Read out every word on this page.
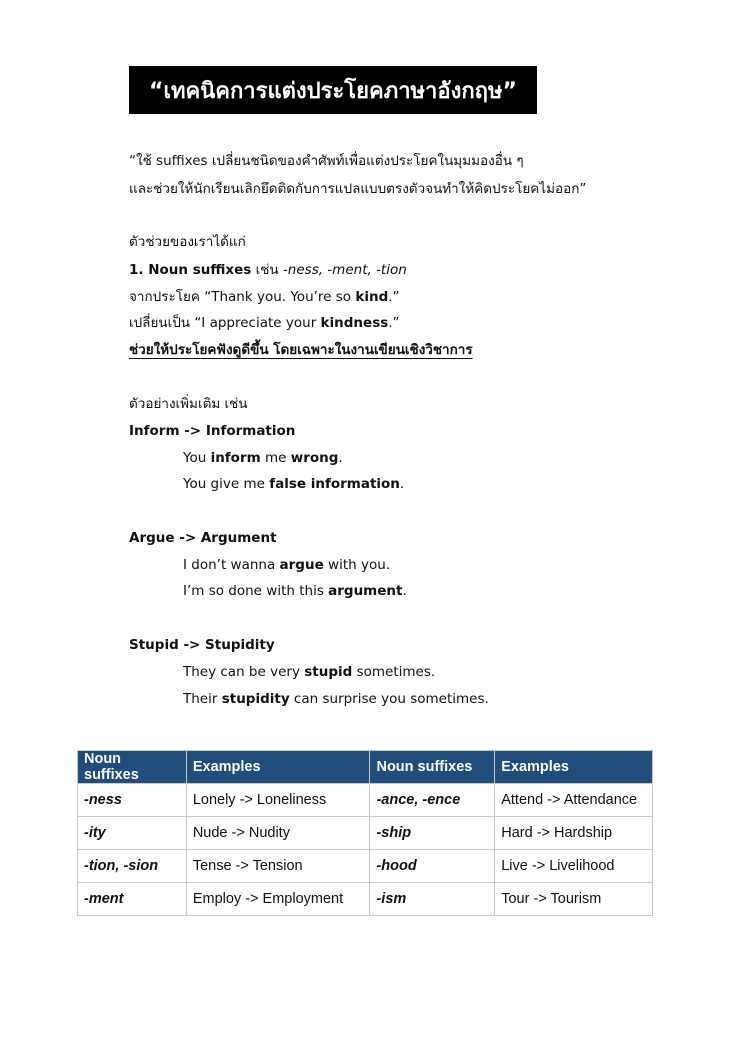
“เทคนิคการแต่งประโยคภาษาอังกฤษ”
“ใช้ suffixes เปลี่ยนชนิดของคำศัพท์เพื่อแต่งประโยคในมุมมองอื่น ๆ
และช่วยให้นักเรียนเลิกยึดติดกับการแปลแบบตรงตัวจนทำให้คิดประโยคไม่ออก”
ตัวช่วยของเราได้แก่
1. Noun suffixes เช่น -ness, -ment, -tion
จากประโยค “Thank you. You’re so kind.”
เปลี่ยนเป็น “I appreciate your kindness.”
ช่วยให้ประโยคฟังดูดีขึ้น โดยเฉพาะในงานเขียนเชิงวิชาการ
ตัวอย่างเพิ่มเติม เช่น
Inform -> Information
You inform me wrong.
You give me false information.
Argue -> Argument
I don’t wanna argue with you.
I’m so done with this argument.
Stupid -> Stupidity
They can be very stupid sometimes.
Their stupidity can surprise you sometimes.
Noun suffixes	Examples	Noun suffixes	Examples
-ness	Lonely -> Loneliness	-ance, -ence	Attend -> Attendance
-ity	Nude -> Nudity	-ship	Hard -> Hardship
-tion, -sion	Tense -> Tension	-hood	Live -> Livelihood
-ment	Employ -> Employment	-ism	Tour -> Tourism
